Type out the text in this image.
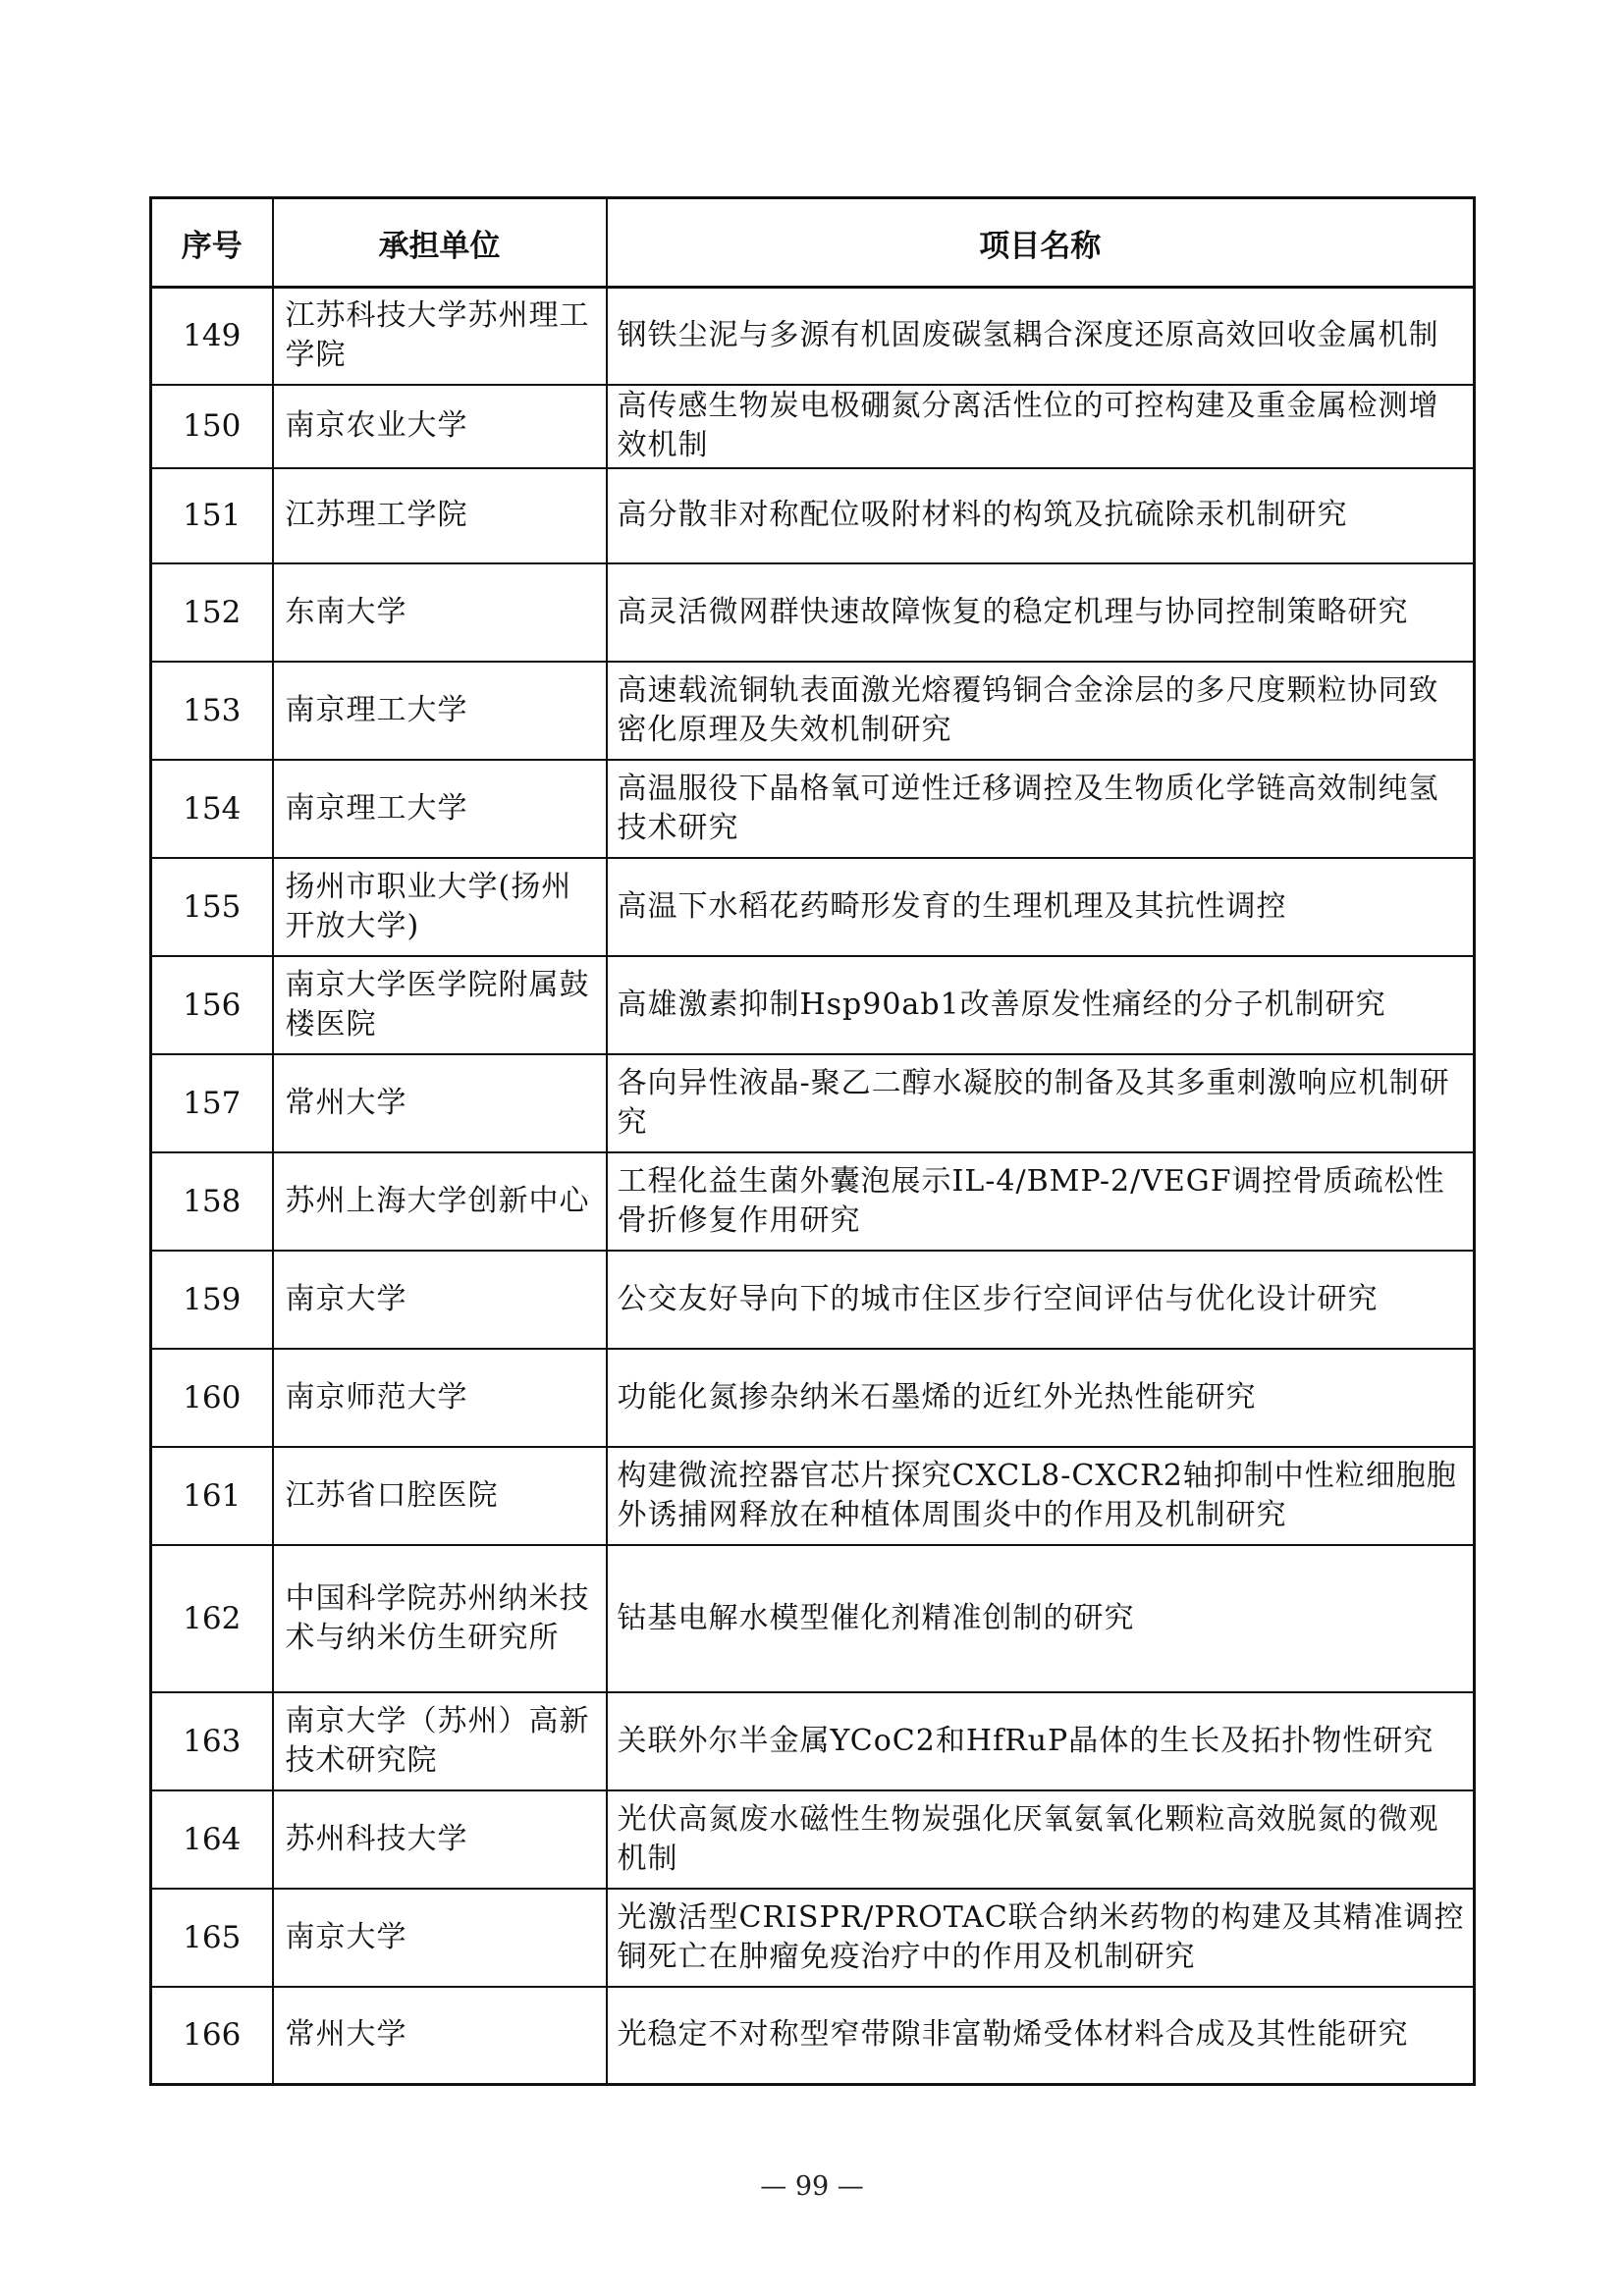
序号	承担单位	项目名称
149	江苏科技大学苏州理工学院	钢铁尘泥与多源有机固废碳氢耦合深度还原高效回收金属机制
150	南京农业大学	高传感生物炭电极硼氮分离活性位的可控构建及重金属检测增效机制
151	江苏理工学院	高分散非对称配位吸附材料的构筑及抗硫除汞机制研究
152	东南大学	高灵活微网群快速故障恢复的稳定机理与协同控制策略研究
153	南京理工大学	高速载流铜轨表面激光熔覆钨铜合金涂层的多尺度颗粒协同致密化原理及失效机制研究
154	南京理工大学	高温服役下晶格氧可逆性迁移调控及生物质化学链高效制纯氢技术研究
155	扬州市职业大学(扬州开放大学)	高温下水稻花药畸形发育的生理机理及其抗性调控
156	南京大学医学院附属鼓楼医院	高雄激素抑制Hsp90ab1改善原发性痛经的分子机制研究
157	常州大学	各向异性液晶-聚乙二醇水凝胶的制备及其多重刺激响应机制研究
158	苏州上海大学创新中心	工程化益生菌外囊泡展示IL-4/BMP-2/VEGF调控骨质疏松性骨折修复作用研究
159	南京大学	公交友好导向下的城市住区步行空间评估与优化设计研究
160	南京师范大学	功能化氮掺杂纳米石墨烯的近红外光热性能研究
161	江苏省口腔医院	构建微流控器官芯片探究CXCL8-CXCR2轴抑制中性粒细胞胞外诱捕网释放在种植体周围炎中的作用及机制研究
162	中国科学院苏州纳米技术与纳米仿生研究所	钴基电解水模型催化剂精准创制的研究
163	南京大学（苏州）高新技术研究院	关联外尔半金属YCoC2和HfRuP晶体的生长及拓扑物性研究
164	苏州科技大学	光伏高氮废水磁性生物炭强化厌氧氨氧化颗粒高效脱氮的微观机制
165	南京大学	光激活型CRISPR/PROTAC联合纳米药物的构建及其精准调控铜死亡在肿瘤免疫治疗中的作用及机制研究
166	常州大学	光稳定不对称型窄带隙非富勒烯受体材料合成及其性能研究
— 99 —
